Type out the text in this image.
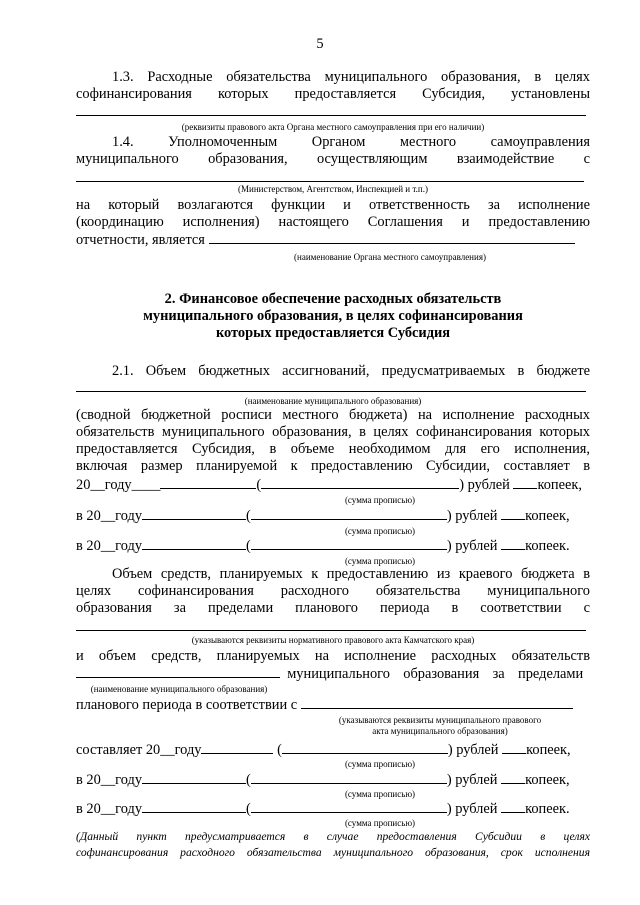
5
1.3. Расходные обязательства муниципального образования, в целях
софинансирования которых предоставляется Субсидия, установлены
(реквизиты правового акта Органа местного самоуправления при его наличии)
1.4. Уполномоченным Органом местного самоуправления
муниципального образования, осуществляющим взаимодействие с
(Министерством, Агентством, Инспекцией и т.п.)
на который возлагаются функции и ответственность за исполнение
(координацию исполнения) настоящего Соглашения и предоставлению
отчетности, является
(наименование Органа местного самоуправления)
2. Финансовое обеспечение расходных обязательств
муниципального образования, в целях софинансирования
которых предоставляется Субсидия
2.1. Объем бюджетных ассигнований, предусматриваемых в бюджете
(наименование муниципального образования)
(сводной бюджетной росписи местного бюджета) на исполнение расходных
обязательств муниципального образования, в целях софинансирования которых
предоставляется Субсидия, в объеме необходимом для его исполнения,
включая размер планируемой к предоставлению Субсидии, составляет в
20__году____	(	) рублей копеек,
(сумма прописью)
в 20__году	(	) рублей копеек,
(сумма прописью)
в 20__году	(	) рублей копеек.
(сумма прописью)
Объем средств, планируемых к предоставлению из краевого бюджета в
целях софинансирования расходного обязательства муниципального
образования за пределами планового периода в соответствии с
(указываются реквизиты нормативного правового акта Камчатского края)
и объем средств, планируемых на исполнение расходных обязательств
муниципального образования за пределами
(наименование муниципального образования)
планового периода в соответствии с
(указываются реквизиты муниципального правового
акта муниципального образования)
составляет 20__году	(	) рублей копеек,
(сумма прописью)
в 20__году	(	) рублей копеек,
(сумма прописью)
в 20__году	(	) рублей копеек.
(сумма прописью)
(Данный пункт предусматривается в случае предоставления Субсидии в целях
софинансирования расходного обязательства муниципального образования, срок исполнения
